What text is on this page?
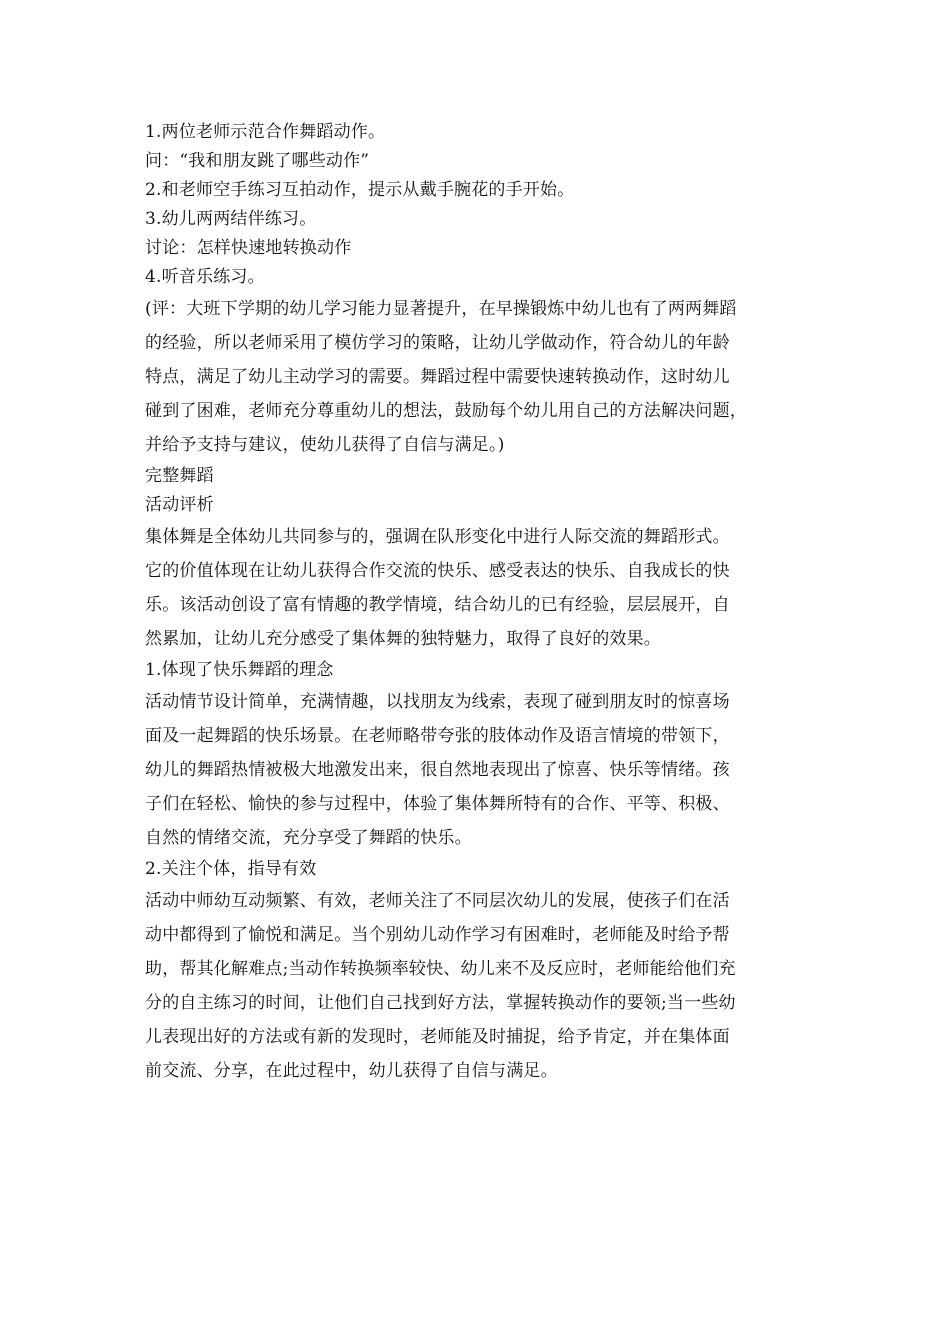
1.两位老师示范合作舞蹈动作。
问：“我和朋友跳了哪些动作”
2.和老师空手练习互拍动作，提示从戴手腕花的手开始。
3.幼儿两两结伴练习。
讨论：怎样快速地转换动作
4.听音乐练习。
(评：大班下学期的幼儿学习能力显著提升，在早操锻炼中幼儿也有了两两舞蹈
的经验，所以老师采用了模仿学习的策略，让幼儿学做动作，符合幼儿的年龄
特点，满足了幼儿主动学习的需要。舞蹈过程中需要快速转换动作，这时幼儿
碰到了困难，老师充分尊重幼儿的想法，鼓励每个幼儿用自己的方法解决问题，
并给予支持与建议，使幼儿获得了自信与满足。)
完整舞蹈
活动评析
集体舞是全体幼儿共同参与的，强调在队形变化中进行人际交流的舞蹈形式。
它的价值体现在让幼儿获得合作交流的快乐、感受表达的快乐、自我成长的快
乐。该活动创设了富有情趣的教学情境，结合幼儿的已有经验，层层展开，自
然累加，让幼儿充分感受了集体舞的独特魅力，取得了良好的效果。
1.体现了快乐舞蹈的理念
活动情节设计简单，充满情趣，以找朋友为线索，表现了碰到朋友时的惊喜场
面及一起舞蹈的快乐场景。在老师略带夸张的肢体动作及语言情境的带领下，
幼儿的舞蹈热情被极大地激发出来，很自然地表现出了惊喜、快乐等情绪。孩
子们在轻松、愉快的参与过程中，体验了集体舞所特有的合作、平等、积极、
自然的情绪交流，充分享受了舞蹈的快乐。
2.关注个体，指导有效
活动中师幼互动频繁、有效，老师关注了不同层次幼儿的发展，使孩子们在活
动中都得到了愉悦和满足。当个别幼儿动作学习有困难时，老师能及时给予帮
助，帮其化解难点;当动作转换频率较快、幼儿来不及反应时，老师能给他们充
分的自主练习的时间，让他们自己找到好方法，掌握转换动作的要领;当一些幼
儿表现出好的方法或有新的发现时，老师能及时捕捉，给予肯定，并在集体面
前交流、分享，在此过程中，幼儿获得了自信与满足。
